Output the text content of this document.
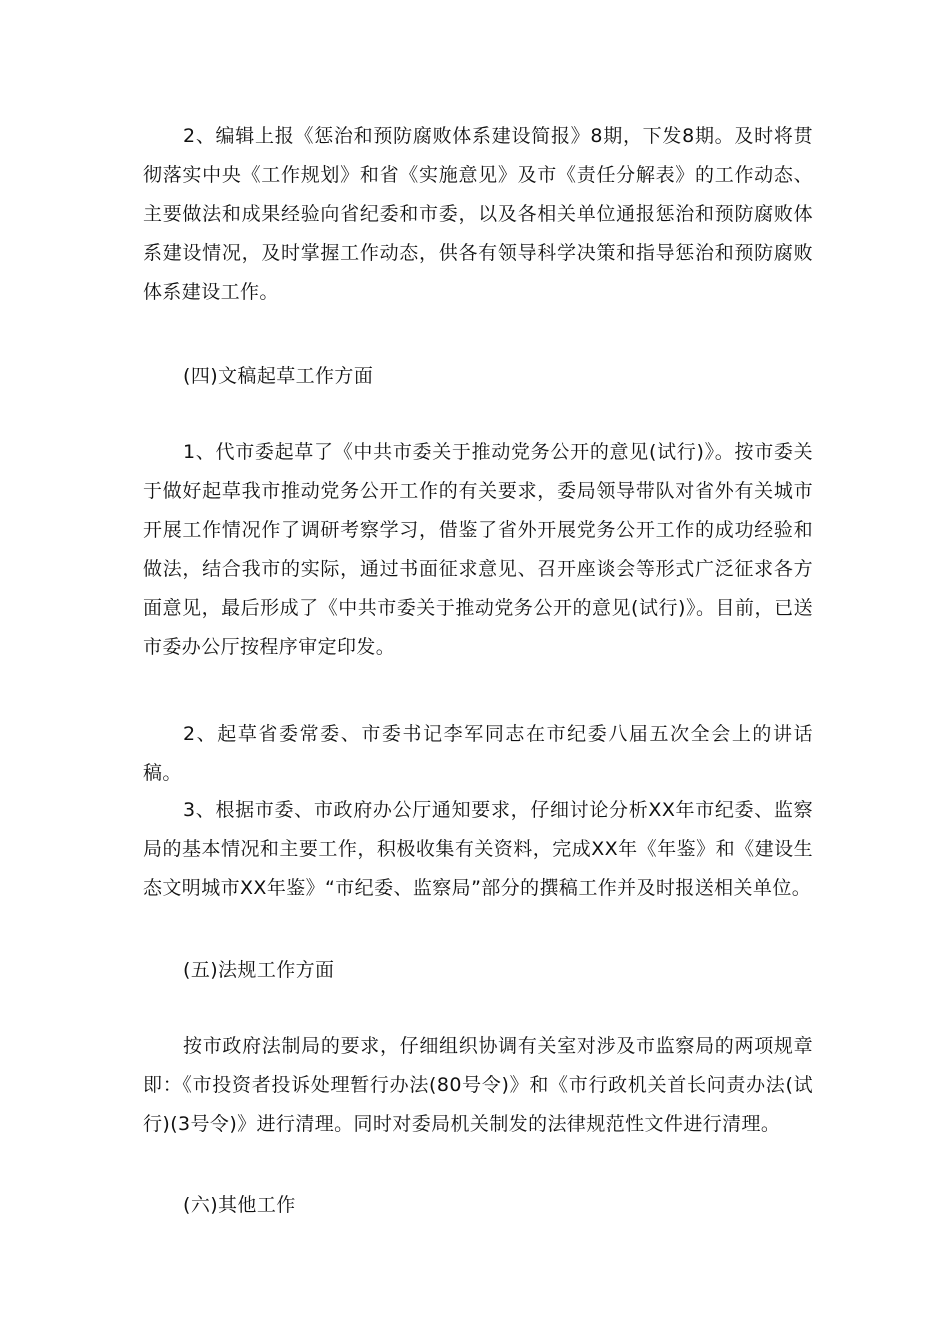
2、编辑上报《惩治和预防腐败体系建设简报》8期，下发8期。及时将贯彻落实中央《工作规划》和省《实施意见》及市《责任分解表》的工作动态、主要做法和成果经验向省纪委和市委，以及各相关单位通报惩治和预防腐败体系建设情况，及时掌握工作动态，供各有领导科学决策和指导惩治和预防腐败体系建设工作。

(四)文稿起草工作方面

1、代市委起草了《中共市委关于推动党务公开的意见(试行)》。按市委关于做好起草我市推动党务公开工作的有关要求，委局领导带队对省外有关城市开展工作情况作了调研考察学习，借鉴了省外开展党务公开工作的成功经验和做法，结合我市的实际，通过书面征求意见、召开座谈会等形式广泛征求各方面意见，最后形成了《中共市委关于推动党务公开的意见(试行)》。目前，已送市委办公厅按程序审定印发。

2、起草省委常委、市委书记李军同志在市纪委八届五次全会上的讲话稿。

3、根据市委、市政府办公厅通知要求，仔细讨论分析XX年市纪委、监察局的基本情况和主要工作，积极收集有关资料，完成XX年《年鉴》和《建设生态文明城市XX年鉴》“市纪委、监察局”部分的撰稿工作并及时报送相关单位。

(五)法规工作方面

按市政府法制局的要求，仔细组织协调有关室对涉及市监察局的两项规章即：《市投资者投诉处理暂行办法(80号令)》和《市行政机关首长问责办法(试行)(3号令)》进行清理。同时对委局机关制发的法律规范性文件进行清理。

(六)其他工作
